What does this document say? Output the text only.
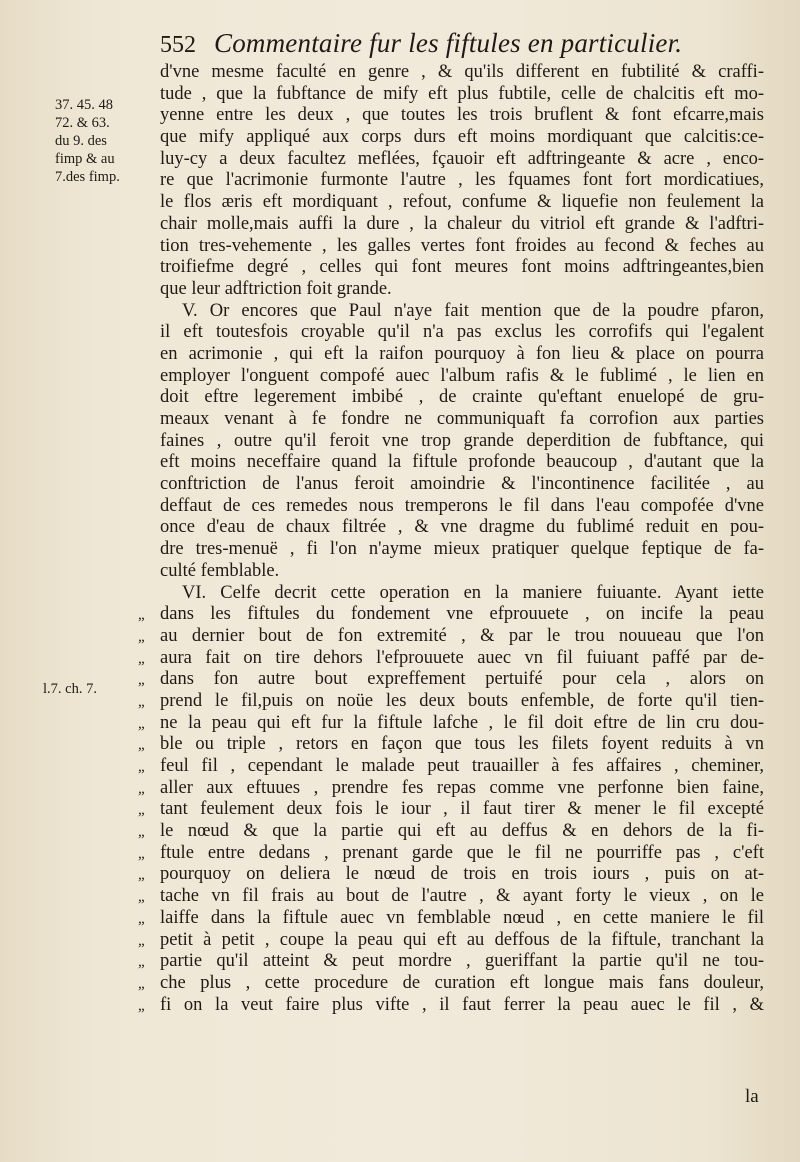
552 Commentaire fur les fiftules en particulier.
37. 45. 48
72. & 63.
du 9. des
fimp & au
7.des fimp.
l.7. ch. 7.
d'vne mesme faculté en genre , & qu'ils different en fubtilité & craffi-
tude , que la fubftance de mify eft plus fubtile, celle de chalcitis eft mo-
yenne entre les deux , que toutes les trois bruflent & font efcarre,mais
que mify appliqué aux corps durs eft moins mordiquant que calcitis:ce-
luy-cy a deux facultez meflées, fçauoir eft adftringeante & acre , enco-
re que l'acrimonie furmonte l'autre , les fquames font fort mordicatiues,
le flos æris eft mordiquant , refout, confume & liquefie non feulement la
chair molle,mais auffi la dure , la chaleur du vitriol eft grande & l'adftri-
tion tres-vehemente , les galles vertes font froides au fecond & feches au
troifiefme degré , celles qui font meures font moins adftringeantes,bien
que leur adftriction foit grande.
V. Or encores que Paul n'aye fait mention que de la poudre pfaron,
il eft toutesfois croyable qu'il n'a pas exclus les corrofifs qui l'egalent
en acrimonie , qui eft la raifon pourquoy à fon lieu & place on pourra
employer l'onguent compofé auec l'album rafis & le fublimé , le lien en
doit eftre legerement imbibé , de crainte qu'eftant enuelopé de gru-
meaux venant à fe fondre ne communiquaft fa corrofion aux parties
faines , outre qu'il feroit vne trop grande deperdition de fubftance, qui
eft moins neceffaire quand la fiftule profonde beaucoup , d'autant que la
conftriction de l'anus feroit amoindrie & l'incontinence facilitée , au
deffaut de ces remedes nous tremperons le fil dans l'eau compofée d'vne
once d'eau de chaux filtrée , & vne dragme du fublimé reduit en pou-
dre tres-menuë , fi l'on n'ayme mieux pratiquer quelque feptique de fa-
culté femblable.
VI. Celfe decrit cette operation en la maniere fuiuante. Ayant iette
„ dans les fiftules du fondement vne efprouuete , on incife la peau
„ au dernier bout de fon extremité , & par le trou nouueau que l'on
„ aura fait on tire dehors l'efprouuete auec vn fil fuiuant paffé par de-
„ dans fon autre bout expreffement pertuifé pour cela , alors on
„ prend le fil,puis on noüe les deux bouts enfemble, de forte qu'il tien-
„ ne la peau qui eft fur la fiftule lafche , le fil doit eftre de lin cru dou-
„ ble ou triple , retors en façon que tous les filets foyent reduits à vn
„ feul fil , cependant le malade peut trauailler à fes affaires , cheminer,
„ aller aux eftuues , prendre fes repas comme vne perfonne bien faine,
„ tant feulement deux fois le iour , il faut tirer & mener le fil excepté
„ le nœud & que la partie qui eft au deffus & en dehors de la fi-
„ ftule entre dedans , prenant garde que le fil ne pourriffe pas , c'eft
„ pourquoy on deliera le nœud de trois en trois iours , puis on at-
„ tache vn fil frais au bout de l'autre , & ayant forty le vieux , on le
„ laiffe dans la fiftule auec vn femblable nœud , en cette maniere le fil
„ petit à petit , coupe la peau qui eft au deffous de la fiftule, tranchant la
„ partie qu'il atteint & peut mordre , gueriffant la partie qu'il ne tou-
„ che plus , cette procedure de curation eft longue mais fans douleur,
„ fi on la veut faire plus vifte , il faut ferrer la peau auec le fil , &
la
